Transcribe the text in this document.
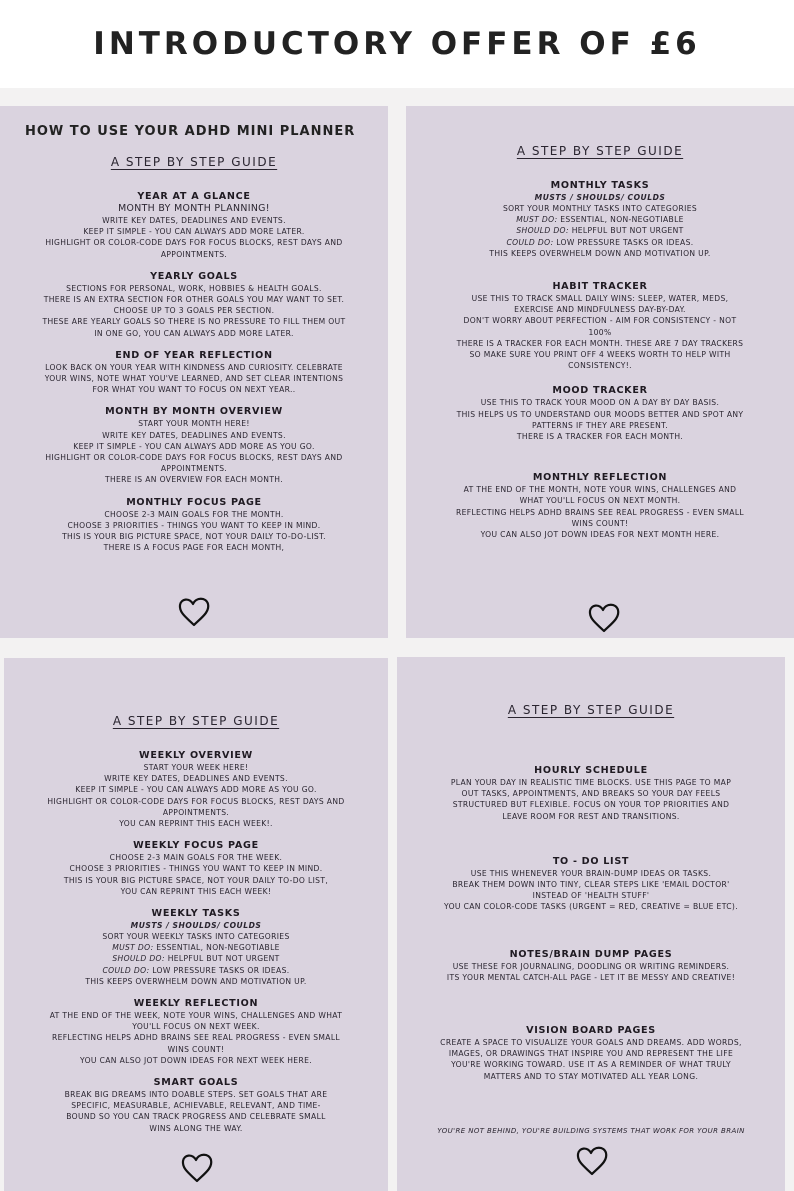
INTRODUCTORY OFFER OF £6
HOW TO USE YOUR ADHD MINI PLANNER
A STEP BY STEP GUIDE
YEAR AT A GLANCE
MONTH BY MONTH PLANNING!
WRITE KEY DATES, DEADLINES AND EVENTS.
KEEP IT SIMPLE - YOU CAN ALWAYS ADD MORE LATER.
HIGHLIGHT OR COLOR-CODE DAYS FOR FOCUS BLOCKS, REST DAYS AND
APPOINTMENTS.
YEARLY GOALS
SECTIONS FOR PERSONAL, WORK, HOBBIES & HEALTH GOALS.
THERE IS AN EXTRA SECTION FOR OTHER GOALS YOU MAY WANT TO SET.
CHOOSE UP TO 3 GOALS PER SECTION.
THESE ARE YEARLY GOALS SO THERE IS NO PRESSURE TO FILL THEM OUT
IN ONE GO, YOU CAN ALWAYS ADD MORE LATER.
END OF YEAR REFLECTION
LOOK BACK ON YOUR YEAR WITH KINDNESS AND CURIOSITY. CELEBRATE
YOUR WINS, NOTE WHAT YOU'VE LEARNED, AND SET CLEAR INTENTIONS
FOR WHAT YOU WANT TO FOCUS ON NEXT YEAR..
MONTH BY MONTH OVERVIEW
START YOUR MONTH HERE!
WRITE KEY DATES, DEADLINES AND EVENTS.
KEEP IT SIMPLE - YOU CAN ALWAYS ADD MORE AS YOU GO.
HIGHLIGHT OR COLOR-CODE DAYS FOR FOCUS BLOCKS, REST DAYS AND
APPOINTMENTS.
THERE IS AN OVERVIEW FOR EACH MONTH.
MONTHLY FOCUS PAGE
CHOOSE 2-3 MAIN GOALS FOR THE MONTH.
CHOOSE 3 PRIORITIES - THINGS YOU WANT TO KEEP IN MIND.
THIS IS YOUR BIG PICTURE SPACE, NOT YOUR DAILY TO-DO-LIST.
THERE IS A FOCUS PAGE FOR EACH MONTH,
A STEP BY STEP GUIDE
MONTHLY TASKS
MUSTS / SHOULDS/ COULDS
SORT YOUR MONTHLY TASKS INTO CATEGORIES
MUST DO: ESSENTIAL, NON-NEGOTIABLE
SHOULD DO: HELPFUL BUT NOT URGENT
COULD DO: LOW PRESSURE TASKS OR IDEAS.
THIS KEEPS OVERWHELM DOWN AND MOTIVATION UP.
HABIT TRACKER
USE THIS TO TRACK SMALL DAILY WINS: SLEEP, WATER, MEDS,
EXERCISE AND MINDFULNESS DAY-BY-DAY.
DON'T WORRY ABOUT PERFECTION - AIM FOR CONSISTENCY - NOT
100%
THERE IS A TRACKER FOR EACH MONTH. THESE ARE 7 DAY TRACKERS
SO MAKE SURE YOU PRINT OFF 4 WEEKS WORTH TO HELP WITH
CONSISTENCY!.
MOOD TRACKER
USE THIS TO TRACK YOUR MOOD ON A DAY BY DAY BASIS.
THIS HELPS US TO UNDERSTAND OUR MOODS BETTER AND SPOT ANY
PATTERNS IF THEY ARE PRESENT.
THERE IS A TRACKER FOR EACH MONTH.
MONTHLY REFLECTION
AT THE END OF THE MONTH, NOTE YOUR WINS, CHALLENGES AND
WHAT YOU'LL FOCUS ON NEXT MONTH.
REFLECTING HELPS ADHD BRAINS SEE REAL PROGRESS - EVEN SMALL
WINS COUNT!
YOU CAN ALSO JOT DOWN IDEAS FOR NEXT MONTH HERE.
A STEP BY STEP GUIDE
WEEKLY OVERVIEW
START YOUR WEEK HERE!
WRITE KEY DATES, DEADLINES AND EVENTS.
KEEP IT SIMPLE - YOU CAN ALWAYS ADD MORE AS YOU GO.
HIGHLIGHT OR COLOR-CODE DAYS FOR FOCUS BLOCKS, REST DAYS AND
APPOINTMENTS.
YOU CAN REPRINT THIS EACH WEEK!.
WEEKLY FOCUS PAGE
CHOOSE 2-3 MAIN GOALS FOR THE WEEK.
CHOOSE 3 PRIORITIES - THINGS YOU WANT TO KEEP IN MIND.
THIS IS YOUR BIG PICTURE SPACE, NOT YOUR DAILY TO-DO LIST,
YOU CAN REPRINT THIS EACH WEEK!
WEEKLY TASKS
MUSTS / SHOULDS/ COULDS
SORT YOUR WEEKLY TASKS INTO CATEGORIES
MUST DO: ESSENTIAL, NON-NEGOTIABLE
SHOULD DO: HELPFUL BUT NOT URGENT
COULD DO: LOW PRESSURE TASKS OR IDEAS.
THIS KEEPS OVERWHELM DOWN AND MOTIVATION UP.
WEEKLY REFLECTION
AT THE END OF THE WEEK, NOTE YOUR WINS, CHALLENGES AND WHAT
YOU'LL FOCUS ON NEXT WEEK.
REFLECTING HELPS ADHD BRAINS SEE REAL PROGRESS - EVEN SMALL
WINS COUNT!
YOU CAN ALSO JOT DOWN IDEAS FOR NEXT WEEK HERE.
SMART GOALS
BREAK BIG DREAMS INTO DOABLE STEPS. SET GOALS THAT ARE
SPECIFIC, MEASURABLE, ACHIEVABLE, RELEVANT, AND TIME-
BOUND SO YOU CAN TRACK PROGRESS AND CELEBRATE SMALL
WINS ALONG THE WAY.
A STEP BY STEP GUIDE
HOURLY SCHEDULE
PLAN YOUR DAY IN REALISTIC TIME BLOCKS. USE THIS PAGE TO MAP
OUT TASKS, APPOINTMENTS, AND BREAKS SO YOUR DAY FEELS
STRUCTURED BUT FLEXIBLE. FOCUS ON YOUR TOP PRIORITIES AND
LEAVE ROOM FOR REST AND TRANSITIONS.
TO - DO LIST
USE THIS WHENEVER YOUR BRAIN-DUMP IDEAS OR TASKS.
BREAK THEM DOWN INTO TINY, CLEAR STEPS LIKE 'EMAIL DOCTOR'
INSTEAD OF 'HEALTH STUFF'
YOU CAN COLOR-CODE TASKS (URGENT = RED, CREATIVE = BLUE ETC).
NOTES/BRAIN DUMP PAGES
USE THESE FOR JOURNALING, DOODLING OR WRITING REMINDERS.
ITS YOUR MENTAL CATCH-ALL PAGE - LET IT BE MESSY AND CREATIVE!
VISION BOARD PAGES
CREATE A SPACE TO VISUALIZE YOUR GOALS AND DREAMS. ADD WORDS,
IMAGES, OR DRAWINGS THAT INSPIRE YOU AND REPRESENT THE LIFE
YOU'RE WORKING TOWARD. USE IT AS A REMINDER OF WHAT TRULY
MATTERS AND TO STAY MOTIVATED ALL YEAR LONG.
YOU'RE NOT BEHIND, YOU'RE BUILDING SYSTEMS THAT WORK FOR YOUR BRAIN
